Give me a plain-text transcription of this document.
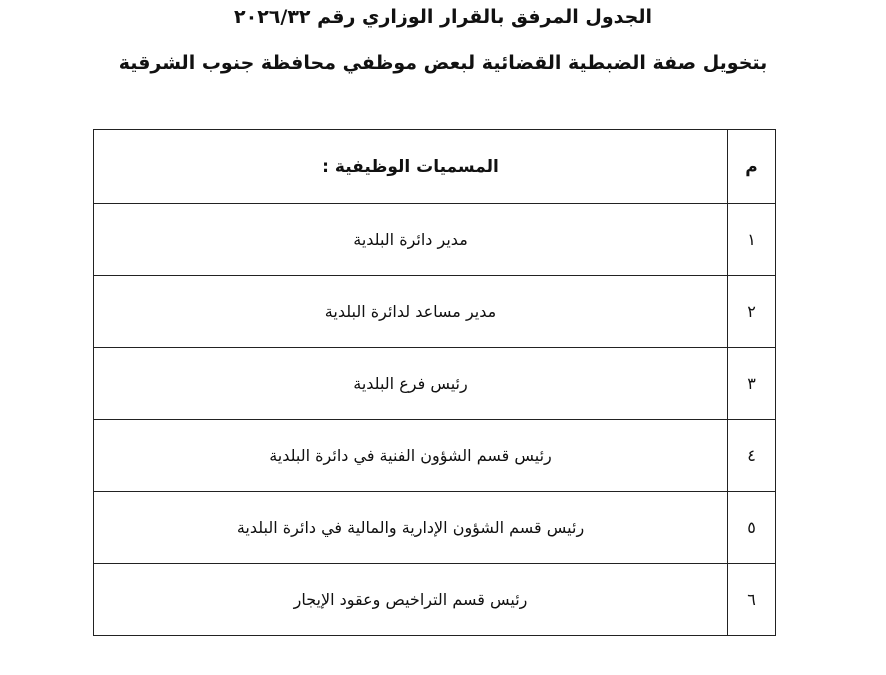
الجدول المرفق بالقرار الوزاري رقم ٢٠٢٦/٣٢
بتخويل صفة الضبطية القضائية لبعض موظفي محافظة جنوب الشرقية
م	المسميات الوظيفية :
١	مدير دائرة البلدية
٢	مدير مساعد لدائرة البلدية
٣	رئيس فرع البلدية
٤	رئيس قسم الشؤون الفنية في دائرة البلدية
٥	رئيس قسم الشؤون الإدارية والمالية في دائرة البلدية
٦	رئيس قسم التراخيص وعقود الإيجار
